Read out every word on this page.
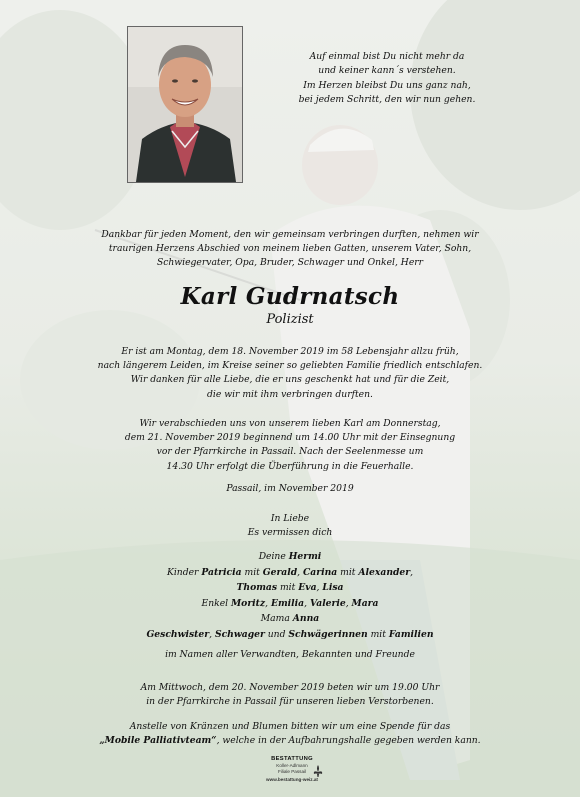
Auf einmal bist Du nicht mehr da
und keiner kann´s verstehen.
Im Herzen bleibst Du uns ganz nah,
bei jedem Schritt, den wir nun gehen.
Dankbar für jeden Moment, den wir gemeinsam verbringen durften, nehmen wir
traurigen Herzens Abschied von meinem lieben Gatten, unserem Vater, Sohn,
Schwiegervater, Opa, Bruder, Schwager und Onkel, Herr
Karl Gudrnatsch
Polizist
Er ist am Montag, dem 18. November 2019 im 58 Lebensjahr allzu früh,
nach längerem Leiden, im Kreise seiner so geliebten Familie friedlich entschlafen.
Wir danken für alle Liebe, die er uns geschenkt hat und für die Zeit,
die wir mit ihm verbringen durften.
Wir verabschieden uns von unserem lieben Karl am Donnerstag,
dem 21. November 2019 beginnend um 14.00 Uhr mit der Einsegnung
vor der Pfarrkirche in Passail. Nach der Seelenmesse um
14.30 Uhr erfolgt die Überführung in die Feuerhalle.
Passail, im November 2019
In Liebe
Es vermissen dich
Deine Hermi
Kinder Patricia mit Gerald, Carina mit Alexander,
Thomas mit Eva, Lisa
Enkel Moritz, Emilia, Valerie, Mara
Mama Anna
Geschwister, Schwager und Schwägerinnen mit Familien
im Namen aller Verwandten, Bekannten und Freunde
Am Mittwoch, dem 20. November 2019 beten wir um 19.00 Uhr
in der Pfarrkirche in Passail für unseren lieben Verstorbenen.
Anstelle von Kränzen und Blumen bitten wir um eine Spende für das
„Mobile Palliativteam“, welche in der Aufbahrungshalle gegeben werden kann.
BESTATTUNG
Koller-Adlmann
Filiale Passail
www.bestattung-weiz.at
